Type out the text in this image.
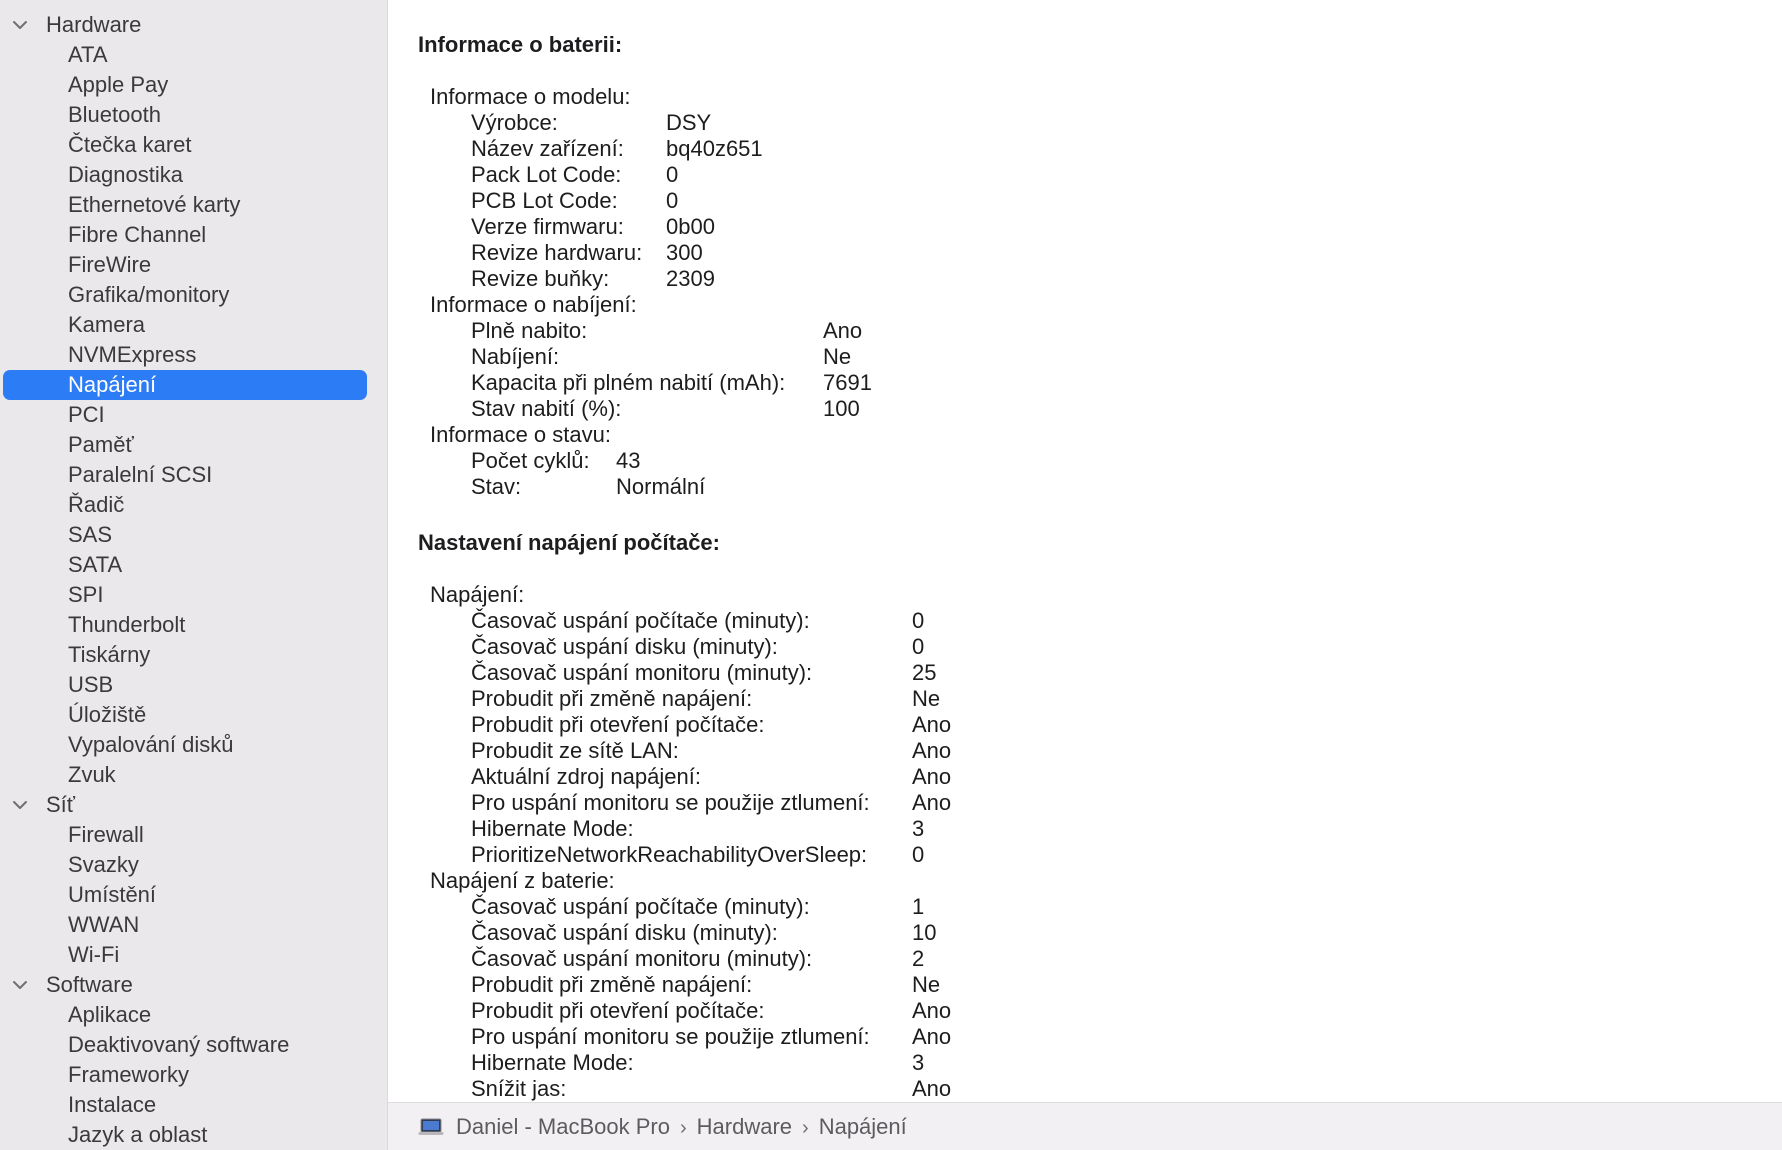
Hardware
ATA
Apple Pay
Bluetooth
Čtečka karet
Diagnostika
Ethernetové karty
Fibre Channel
FireWire
Grafika/monitory
Kamera
NVMExpress
Napájení
PCI
Paměť
Paralelní SCSI
Řadič
SAS
SATA
SPI
Thunderbolt
Tiskárny
USB
Úložiště
Vypalování disků
Zvuk
Síť
Firewall
Svazky
Umístění
WWAN
Wi-Fi
Software
Aplikace
Deaktivovaný software
Frameworky
Instalace
Jazyk a oblast
Informace o baterii:
Informace o modelu:
Výrobce:	DSY
Název zařízení:	bq40z651
Pack Lot Code:	0
PCB Lot Code:	0
Verze firmwaru:	0b00
Revize hardwaru:	300
Revize buňky:	2309
Informace o nabíjení:
Plně nabito:	Ano
Nabíjení:	Ne
Kapacita při plném nabití (mAh):	7691
Stav nabití (%):	100
Informace o stavu:
Počet cyklů:	43
Stav:	Normální
Nastavení napájení počítače:
Napájení:
Časovač uspání počítače (minuty):	0
Časovač uspání disku (minuty):	0
Časovač uspání monitoru (minuty):	25
Probudit při změně napájení:	Ne
Probudit při otevření počítače:	Ano
Probudit ze sítě LAN:	Ano
Aktuální zdroj napájení:	Ano
Pro uspání monitoru se použije ztlumení:	Ano
Hibernate Mode:	3
PrioritizeNetworkReachabilityOverSleep:	0
Napájení z baterie:
Časovač uspání počítače (minuty):	1
Časovač uspání disku (minuty):	10
Časovač uspání monitoru (minuty):	2
Probudit při změně napájení:	Ne
Probudit při otevření počítače:	Ano
Pro uspání monitoru se použije ztlumení:	Ano
Hibernate Mode:	3
Snížit jas:	Ano
Daniel - MacBook Pro › Hardware › Napájení
